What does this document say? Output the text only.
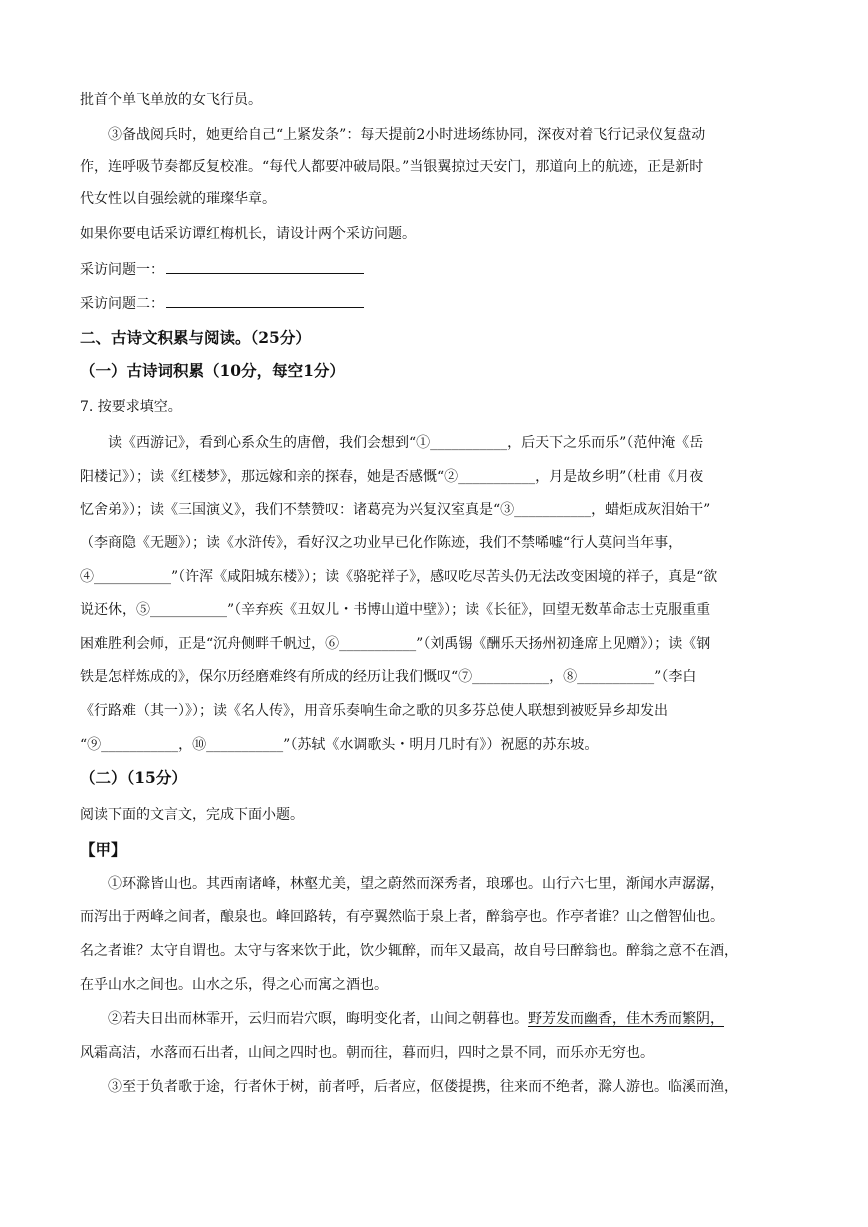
批首个单飞单放的女飞行员。
③备战阅兵时，她更给自己“上紧发条”：每天提前2小时进场练协同，深夜对着飞行记录仪复盘动
作，连呼吸节奏都反复校准。“每代人都要冲破局限。”当银翼掠过天安门，那道向上的航迹，正是新时
代女性以自强绘就的璀璨华章。
如果你要电话采访谭红梅机长，请设计两个采访问题。
采访问题一：
采访问题二：
二、古诗文积累与阅读。（25分）
（一）古诗词积累（10分，每空1分）
7. 按要求填空。
读《西游记》，看到心系众生的唐僧，我们会想到“①___________，后天下之乐而乐”（范仲淹《岳
阳楼记》）；读《红楼梦》，那远嫁和亲的探春，她是否感慨“②___________，月是故乡明”（杜甫《月夜
忆舍弟》）；读《三国演义》，我们不禁赞叹：诸葛亮为兴复汉室真是“③___________，蜡炬成灰泪始干”
（李商隐《无题》）；读《水浒传》，看好汉之功业早已化作陈迹，我们不禁唏嘘“行人莫问当年事，
④___________”（许浑《咸阳城东楼》）；读《骆驼祥子》，感叹吃尽苦头仍无法改变困境的祥子，真是“欲
说还休，⑤___________”（辛弃疾《丑奴儿・书博山道中壁》）；读《长征》，回望无数革命志士克服重重
困难胜利会师，正是“沉舟侧畔千帆过，⑥___________”（刘禹锡《酬乐天扬州初逢席上见赠》）；读《钢
铁是怎样炼成的》，保尔历经磨难终有所成的经历让我们慨叹“⑦___________，⑧___________”（李白
《行路难（其一）》）；读《名人传》，用音乐奏响生命之歌的贝多芬总使人联想到被贬异乡却发出
“⑨___________，⑩___________”（苏轼《水调歌头・明月几时有》）祝愿的苏东坡。
（二）（15分）
阅读下面的文言文，完成下面小题。
【甲】
①环滁皆山也。其西南诸峰，林壑尤美，望之蔚然而深秀者，琅琊也。山行六七里，渐闻水声潺潺，
而泻出于两峰之间者，酿泉也。峰回路转，有亭翼然临于泉上者，醉翁亭也。作亭者谁？山之僧智仙也。
名之者谁？太守自谓也。太守与客来饮于此，饮少辄醉，而年又最高，故自号曰醉翁也。醉翁之意不在酒，
在乎山水之间也。山水之乐，得之心而寓之酒也。
②若夫日出而林霏开，云归而岩穴暝，晦明变化者，山间之朝暮也。野芳发而幽香，佳木秀而繁阴，
风霜高洁，水落而石出者，山间之四时也。朝而往，暮而归，四时之景不同，而乐亦无穷也。
③至于负者歌于途，行者休于树，前者呼，后者应，伛偻提携，往来而不绝者，滁人游也。临溪而渔，
